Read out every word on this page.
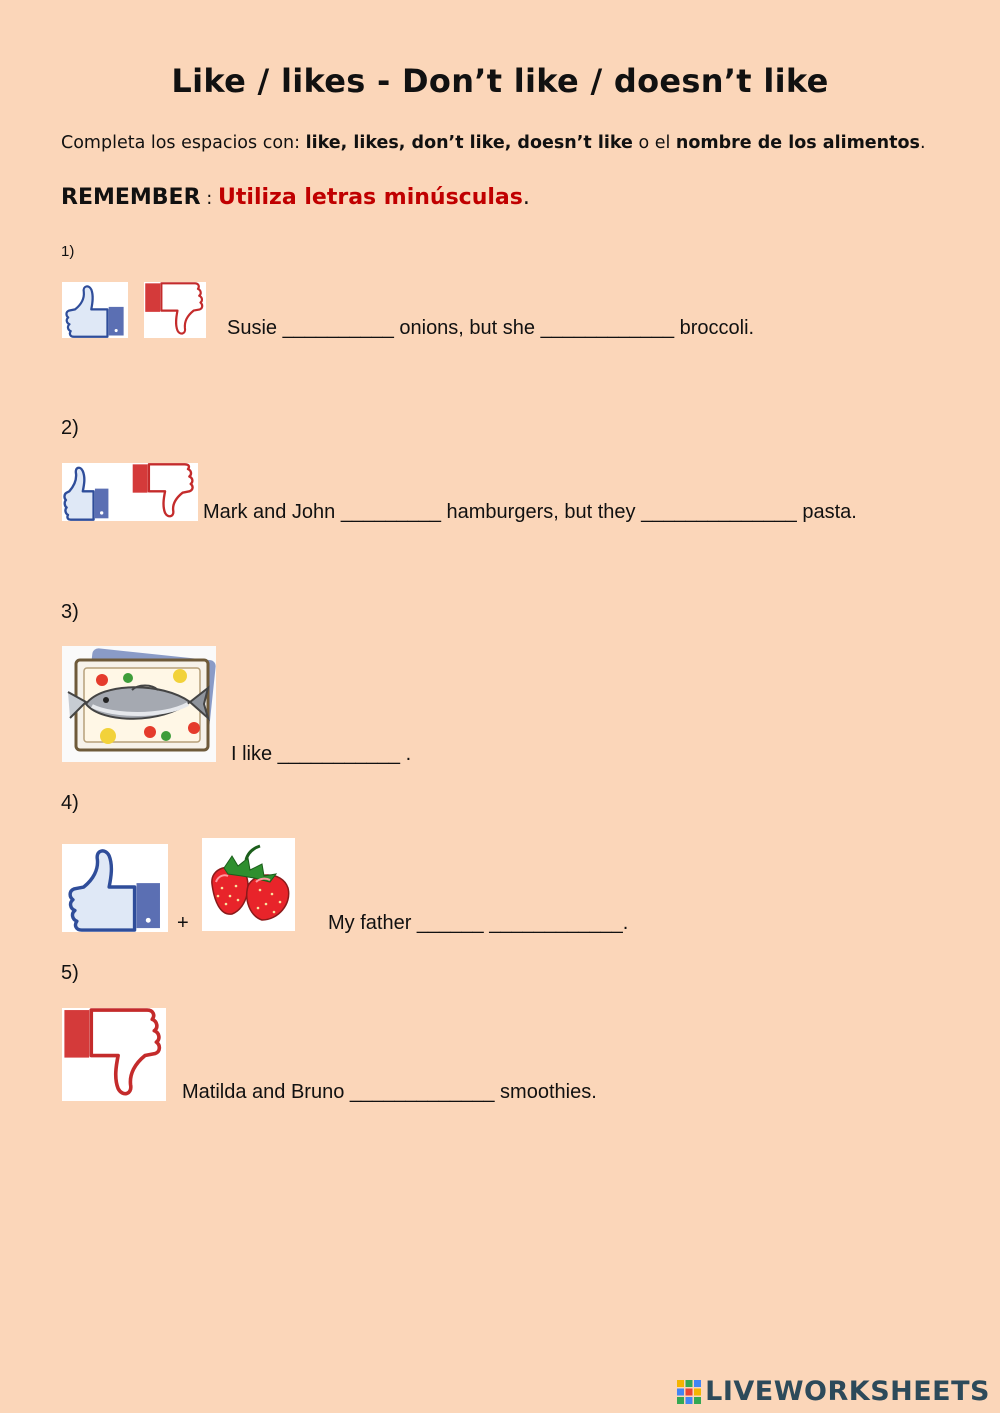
Like / likes - Don’t like / doesn’t like
Completa los espacios con: like, likes, don’t like, doesn’t like o el nombre de los alimentos.
REMEMBER : Utiliza letras minúsculas.
1)
Susie __________ onions, but she ____________ broccoli.
2)
Mark and John _________ hamburgers, but they ______________ pasta.
3)
I like ___________ .
4)
+	My father ______ ____________.
5)
Matilda and Bruno _____________ smoothies.
LIVEWORKSHEETS
